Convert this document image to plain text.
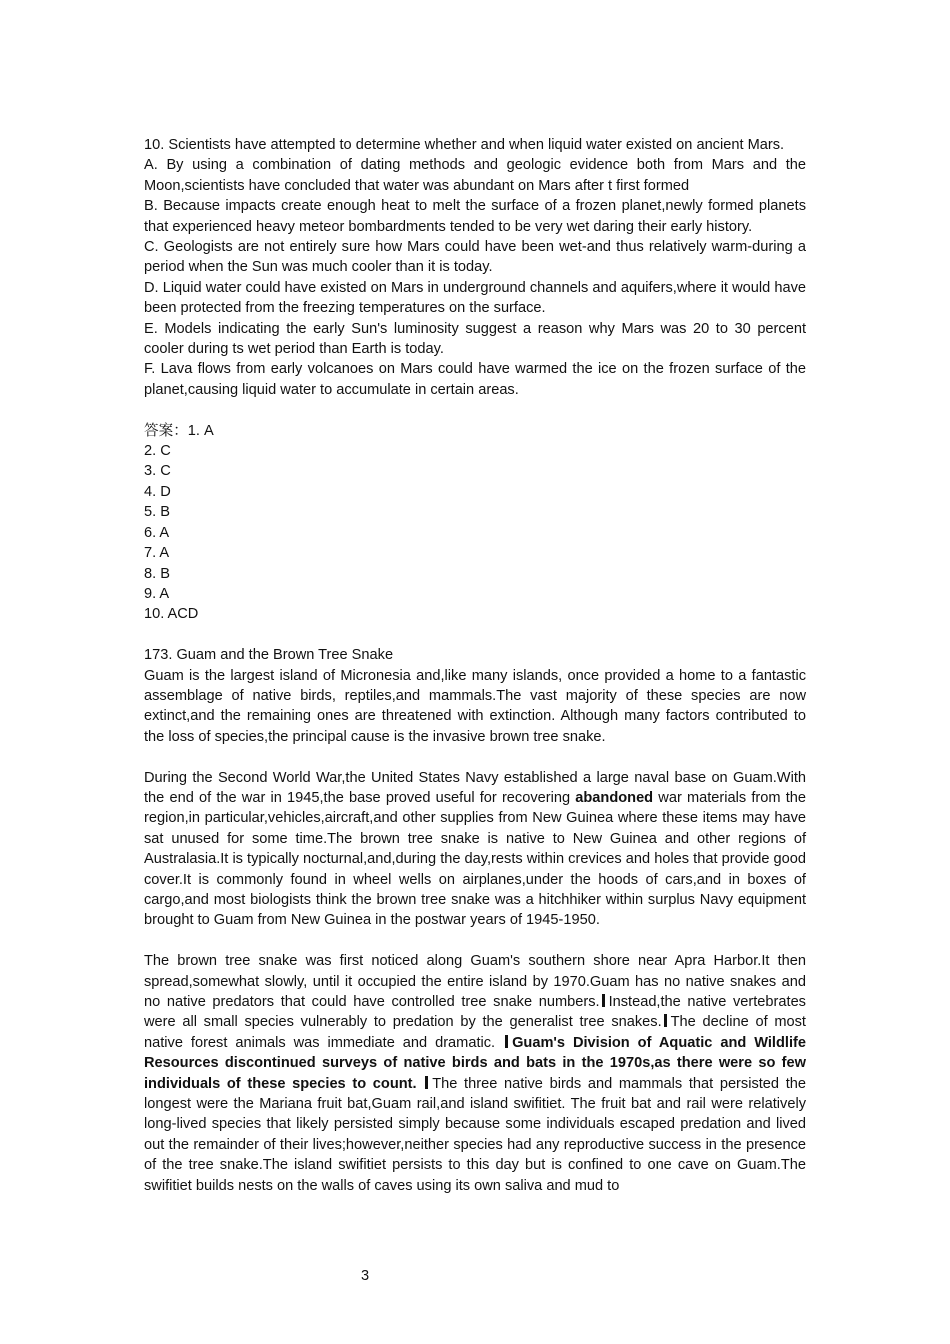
10. Scientists have attempted to determine whether and when liquid water existed on ancient Mars.

A. By using a combination of dating methods and geologic evidence both from Mars and the Moon,scientists have concluded that water was abundant on Mars after t first formed

B. Because impacts create enough heat to melt the surface of a frozen planet,newly formed planets that experienced heavy meteor bombardments tended to be very wet daring their early history.

C. Geologists are not entirely sure how Mars could have been wet-and thus relatively warm-during a period when the Sun was much cooler than it is today.

D. Liquid water could have existed on Mars in underground channels and aquifers,where it would have been protected from the freezing temperatures on the surface.

E. Models indicating the early Sun's luminosity suggest a reason why Mars was 20 to 30 percent cooler during ts wet period than Earth is today.

F. Lava flows from early volcanoes on Mars could have warmed the ice on the frozen surface of the planet,causing liquid water to accumulate in certain areas.

答案：1. A
2. C
3. C
4. D
5. B
6. A
7. A
8. B
9. A
10. ACD
173. Guam and the Brown Tree Snake

Guam is the largest island of Micronesia and,like many islands, once provided a home to a fantastic assemblage of native birds, reptiles,and mammals.The vast majority of these species are now extinct,and the remaining ones are threatened with extinction. Although many factors contributed to the loss of species,the principal cause is the invasive brown tree snake.

During the Second World War,the United States Navy established a large naval base on Guam.With the end of the war in 1945,the base proved useful for recovering abandoned war materials from the region,in particular,vehicles,aircraft,and other supplies from New Guinea where these items may have sat unused for some time.The brown tree snake is native to New Guinea and other regions of Australasia.It is typically nocturnal,and,during the day,rests within crevices and holes that provide good cover.It is commonly found in wheel wells on airplanes,under the hoods of cars,and in boxes of cargo,and most biologists think the brown tree snake was a hitchhiker within surplus Navy equipment brought to Guam from New Guinea in the postwar years of 1945-1950.

The brown tree snake was first noticed along Guam's southern shore near Apra Harbor.It then spread,somewhat slowly, until it occupied the entire island by 1970.Guam has no native snakes and no native predators that could have controlled tree snake numbers. Instead,the native vertebrates were all small species vulnerably to predation by the generalist tree snakes. The decline of most native forest animals was immediate and dramatic. Guam's Division of Aquatic and Wildlife Resources discontinued surveys of native birds and bats in the 1970s,as there were so few individuals of these species to count. The three native birds and mammals that persisted the longest were the Mariana fruit bat,Guam rail,and island swifitiet. The fruit bat and rail were relatively long-lived species that likely persisted simply because some individuals escaped predation and lived out the remainder of their lives;however,neither species had any reproductive success in the presence of the tree snake.The island swifitiet persists to this day but is confined to one cave on Guam.The swifitiet builds nests on the walls of caves using its own saliva and mud to

3
